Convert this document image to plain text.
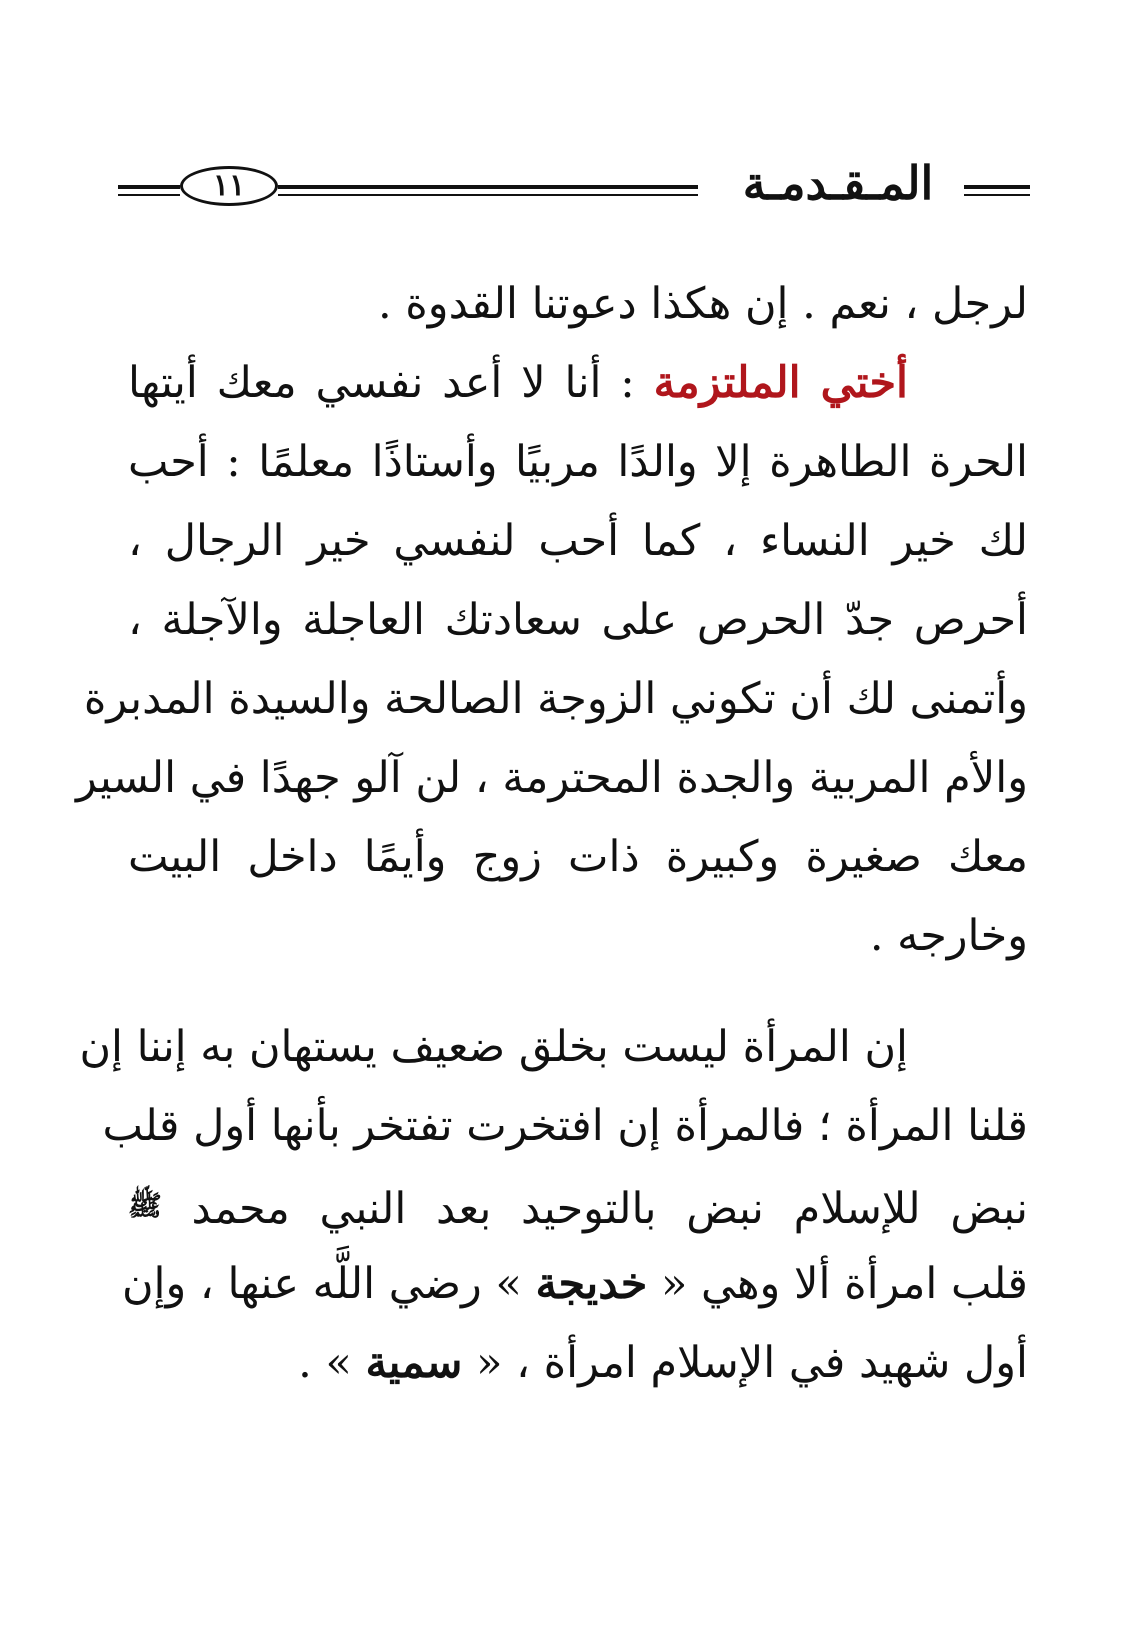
المـقـدمـة
١١
لرجل ، نعم . إن هكذا دعوتنا القدوة .
أختي الملتزمة : أنا لا أعد نفسي معك أيتها
الحرة الطاهرة إلا والدًا مربيًا وأستاذًا معلمًا : أحب
لك خير النساء ، كما أحب لنفسي خير الرجال ،
أحرص جدّ الحرص على سعادتك العاجلة والآجلة ،
وأتمنى لك أن تكوني الزوجة الصالحة والسيدة المدبرة
والأم المربية والجدة المحترمة ، لن آلو جهدًا في السير
معك صغيرة وكبيرة ذات زوج وأيمًا داخل البيت
وخارجه .
إن المرأة ليست بخلق ضعيف يستهان به إننا إن
قلنا المرأة ؛ فالمرأة إن افتخرت تفتخر بأنها أول قلب
نبض للإسلام نبض بالتوحيد بعد النبي محمد ﷺ
قلب امرأة ألا وهي « خديجة » رضي اللَّه عنها ، وإن
أول شهيد في الإسلام امرأة ، « سمية » .
